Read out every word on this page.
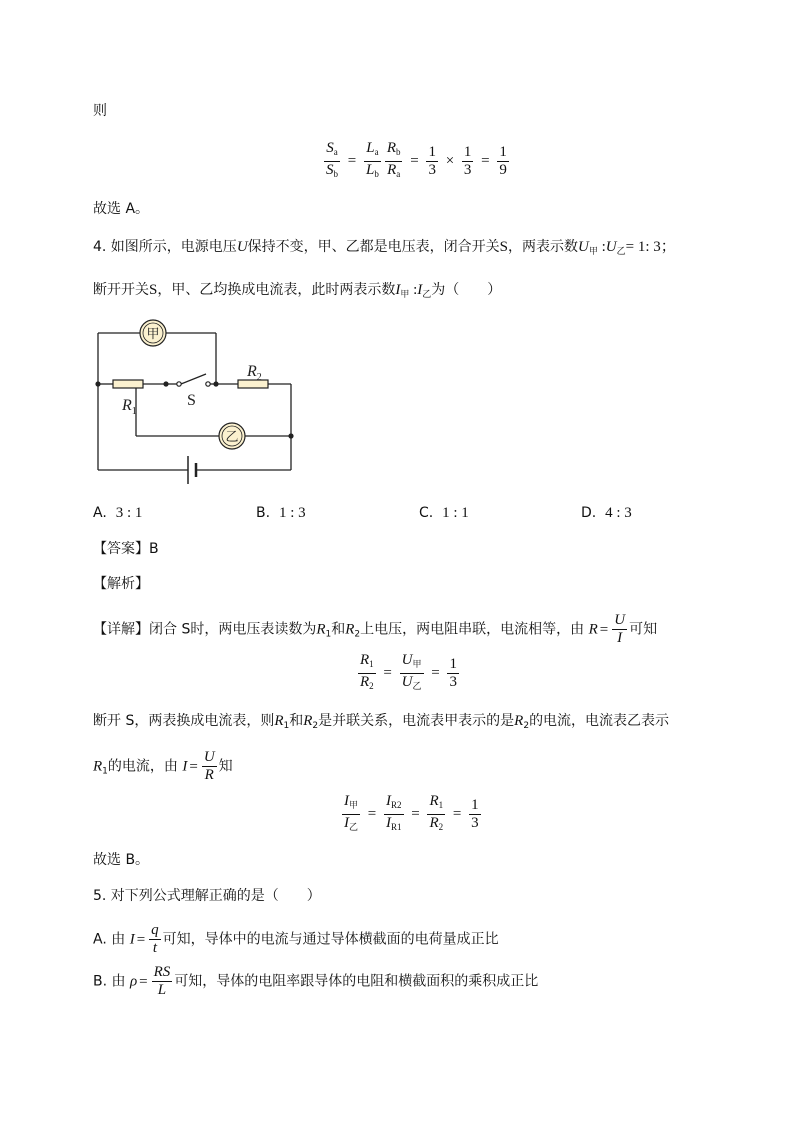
则
$\frac{S_a}{S_b} = \frac{L_a}{L_b} \frac{R_b}{R_a} = \frac{1}{3} \times \frac{1}{3} = \frac{1}{9}$
故选 A。
4. 如图所示，电源电压U保持不变，甲、乙都是电压表，闭合开关S，两表示数$U_甲$ $:U_乙= 1$: 3；
断开开关S，甲、乙均换成电流表，此时两表示数$I_甲$ $:I_乙$为（　　）
甲
乙
$R_2$
$R_1$
S
A. 3 : 1	B. 1 : 3	C. 1 : 1	D. 4 : 3
【答案】B
【解析】
【详解】闭合 S时，两电压表读数为$R_1$和$R_2$上电压，两电阻串联，电流相等，由 $R = \frac{U}{I}$ 可知
$\frac{R_1}{R_2} = \frac{U_甲}{U_乙} = \frac{1}{3}$
断开 S，两表换成电流表，则$R_1$和$R_2$是并联关系，电流表甲表示的是$R_2$的电流，电流表乙表示
$R_1$的电流，由 $I = \frac{U}{R}$ 知
$\frac{I_甲}{I_乙} = \frac{I_{R2}}{I_{R1}} = \frac{R_1}{R_2} = \frac{1}{3}$
故选 B。
5. 对下列公式理解正确的是（　　）
A. 由 $I = \frac{q}{t}$ 可知，导体中的电流与通过导体横截面的电荷量成正比
B. 由 $\rho = \frac{RS}{L}$ 可知，导体的电阻率跟导体的电阻和横截面积的乘积成正比
